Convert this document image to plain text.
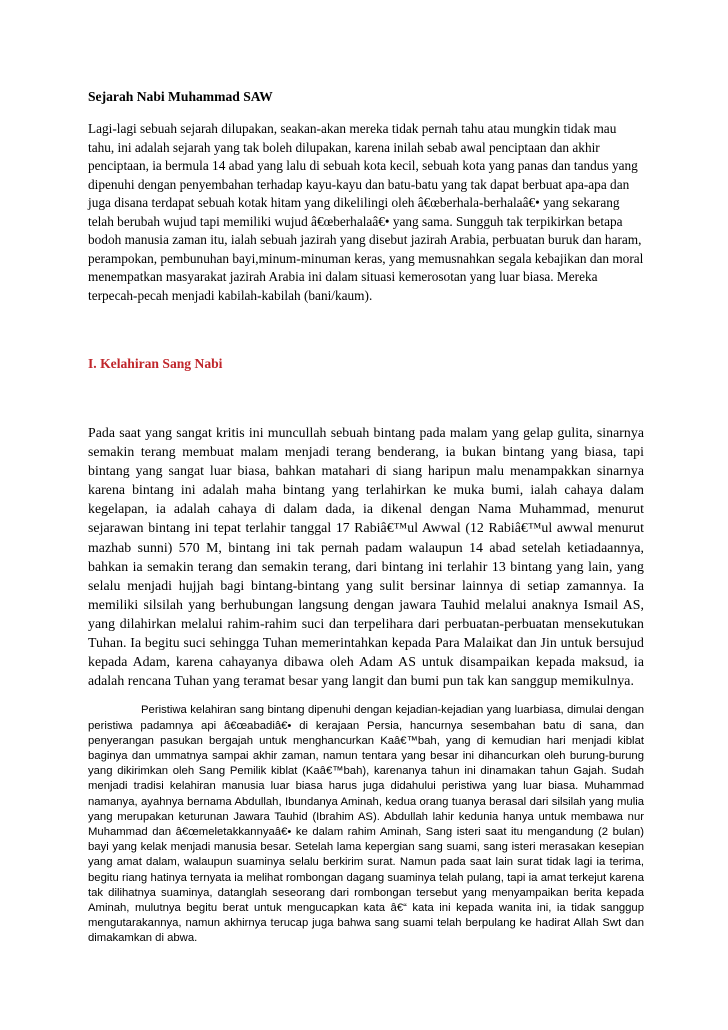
Sejarah Nabi Muhammad SAW

Lagi-lagi sebuah sejarah dilupakan, seakan-akan mereka tidak pernah tahu atau mungkin tidak mau tahu, ini adalah sejarah yang tak boleh dilupakan, karena inilah sebab awal penciptaan dan akhir penciptaan, ia bermula 14 abad yang lalu di sebuah kota kecil, sebuah kota yang panas dan tandus yang dipenuhi dengan penyembahan terhadap kayu-kayu dan batu-batu yang tak dapat berbuat apa-apa dan juga disana terdapat sebuah kotak hitam yang dikelilingi oleh â€œberhala-berhalaâ€• yang sekarang telah berubah wujud tapi memiliki wujud â€œberhalaâ€• yang sama. Sungguh tak terpikirkan betapa bodoh manusia zaman itu, ialah sebuah jazirah yang disebut jazirah Arabia, perbuatan buruk dan haram, perampokan, pembunuhan bayi,minum-minuman keras, yang memusnahkan segala kebajikan dan moral menempatkan masyarakat jazirah Arabia ini dalam situasi kemerosotan yang luar biasa. Mereka terpecah-pecah menjadi kabilah-kabilah (bani/kaum).

I. Kelahiran Sang Nabi

Pada saat yang sangat kritis ini muncullah sebuah bintang pada malam yang gelap gulita, sinarnya semakin terang membuat malam menjadi terang benderang, ia bukan bintang yang biasa, tapi bintang yang sangat luar biasa, bahkan matahari di siang haripun malu menampakkan sinarnya karena bintang ini adalah maha bintang yang terlahirkan ke muka bumi, ialah cahaya dalam kegelapan, ia adalah cahaya di dalam dada, ia dikenal dengan Nama Muhammad, menurut sejarawan bintang ini tepat terlahir tanggal 17 Rabiâ€™ul Awwal (12 Rabiâ€™ul awwal menurut mazhab sunni) 570 M, bintang ini tak pernah padam walaupun 14 abad setelah ketiadaannya, bahkan ia semakin terang dan semakin terang, dari bintang ini terlahir 13 bintang yang lain, yang selalu menjadi hujjah bagi bintang-bintang yang sulit bersinar lainnya di setiap zamannya. Ia memiliki silsilah yang berhubungan langsung dengan jawara Tauhid melalui anaknya Ismail AS, yang dilahirkan melalui rahim-rahim suci dan terpelihara dari perbuatan-perbuatan mensekutukan Tuhan. Ia begitu suci sehingga Tuhan memerintahkan kepada Para Malaikat dan Jin untuk bersujud kepada Adam, karena cahayanya dibawa oleh Adam AS untuk disampaikan kepada maksud, ia adalah rencana Tuhan yang teramat besar yang langit dan bumi pun tak kan sanggup memikulnya.

Peristiwa kelahiran sang bintang dipenuhi dengan kejadian-kejadian yang luarbiasa, dimulai dengan peristiwa padamnya api â€œabadiâ€• di kerajaan Persia, hancurnya sesembahan batu di sana, dan penyerangan pasukan bergajah untuk menghancurkan Kaâ€™bah, yang di kemudian hari menjadi kiblat baginya dan ummatnya sampai akhir zaman, namun tentara yang besar ini dihancurkan oleh burung-burung yang dikirimkan oleh Sang Pemilik kiblat (Kaâ€™bah), karenanya tahun ini dinamakan tahun Gajah. Sudah menjadi tradisi kelahiran manusia luar biasa harus juga didahului peristiwa yang luar biasa. Muhammad namanya, ayahnya bernama Abdullah, Ibundanya Aminah, kedua orang tuanya berasal dari silsilah yang mulia yang merupakan keturunan Jawara Tauhid (Ibrahim AS). Abdullah lahir kedunia hanya untuk membawa nur Muhammad dan â€œmeletakkannyaâ€• ke dalam rahim Aminah, Sang isteri saat itu mengandung (2 bulan) bayi yang kelak menjadi manusia besar. Setelah lama kepergian sang suami, sang isteri merasakan kesepian yang amat dalam, walaupun suaminya selalu berkirim surat. Namun pada saat lain surat tidak lagi ia terima, begitu riang hatinya ternyata ia melihat rombongan dagang suaminya telah pulang, tapi ia amat terkejut karena tak dilihatnya suaminya, datanglah seseorang dari rombongan tersebut yang menyampaikan berita kepada Aminah, mulutnya begitu berat untuk mengucapkan kata â€“ kata ini kepada wanita ini, ia tidak sanggup mengutarakannya, namun akhirnya terucap juga bahwa sang suami telah berpulang ke hadirat Allah Swt dan dimakamkan di abwa.
